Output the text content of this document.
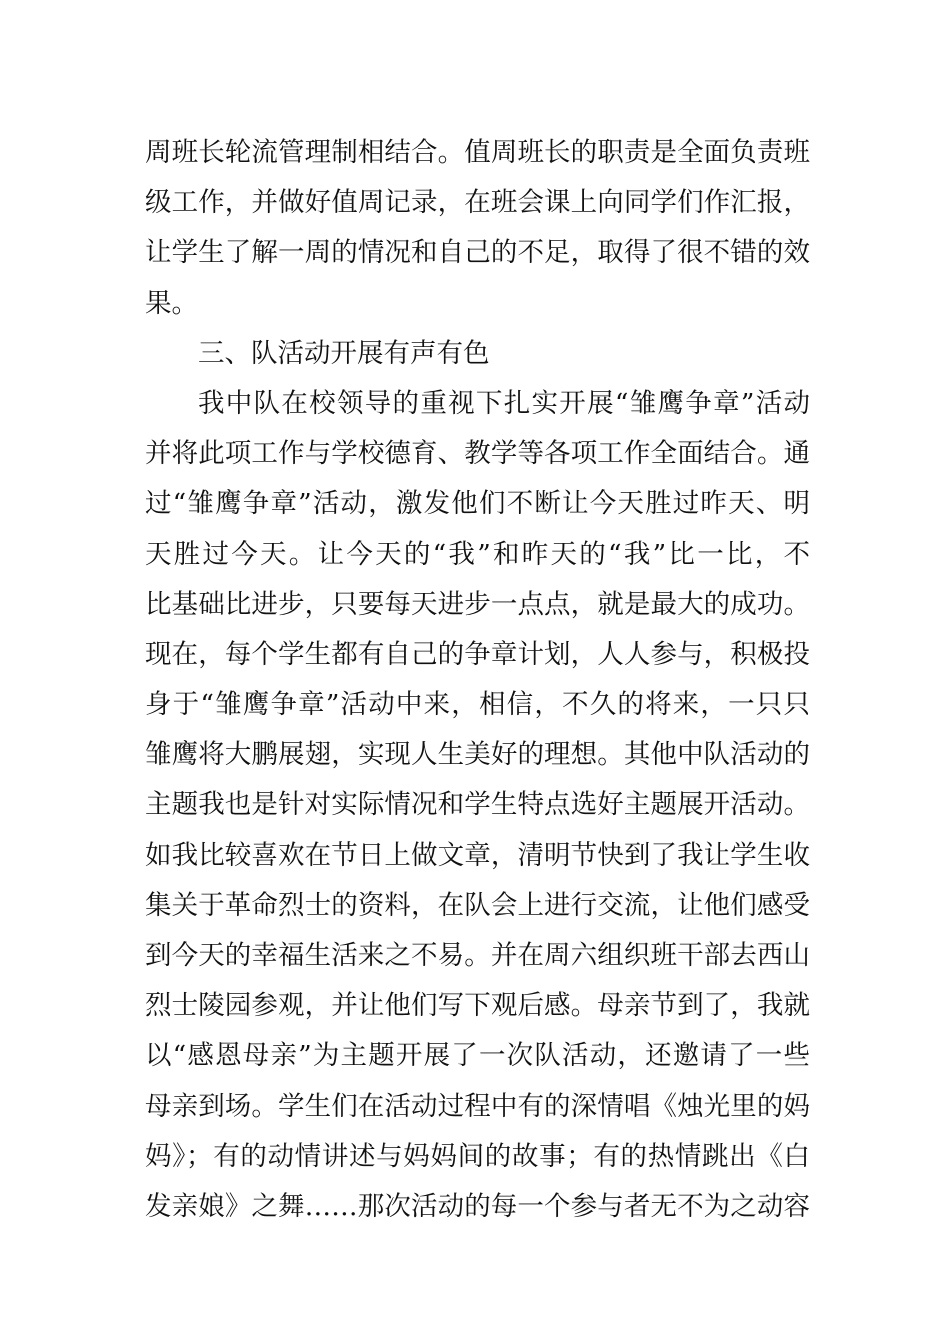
周班长轮流管理制相结合。值周班长的职责是全面负责班
级工作，并做好值周记录，在班会课上向同学们作汇报，
让学生了解一周的情况和自己的不足，取得了很不错的效
果。
三、队活动开展有声有色
我中队在校领导的重视下扎实开展“雏鹰争章”活动
并将此项工作与学校德育、教学等各项工作全面结合。通
过“雏鹰争章”活动，激发他们不断让今天胜过昨天、明
天胜过今天。让今天的“我”和昨天的“我”比一比，不
比基础比进步，只要每天进步一点点，就是最大的成功。
现在，每个学生都有自己的争章计划，人人参与，积极投
身于“雏鹰争章”活动中来，相信，不久的将来，一只只
雏鹰将大鹏展翅，实现人生美好的理想。其他中队活动的
主题我也是针对实际情况和学生特点选好主题展开活动。
如我比较喜欢在节日上做文章，清明节快到了我让学生收
集关于革命烈士的资料，在队会上进行交流，让他们感受
到今天的幸福生活来之不易。并在周六组织班干部去西山
烈士陵园参观，并让他们写下观后感。母亲节到了，我就
以“感恩母亲”为主题开展了一次队活动，还邀请了一些
母亲到场。学生们在活动过程中有的深情唱《烛光里的妈
妈》；有的动情讲述与妈妈间的故事；有的热情跳出《白
发亲娘》之舞……那次活动的每一个参与者无不为之动容
